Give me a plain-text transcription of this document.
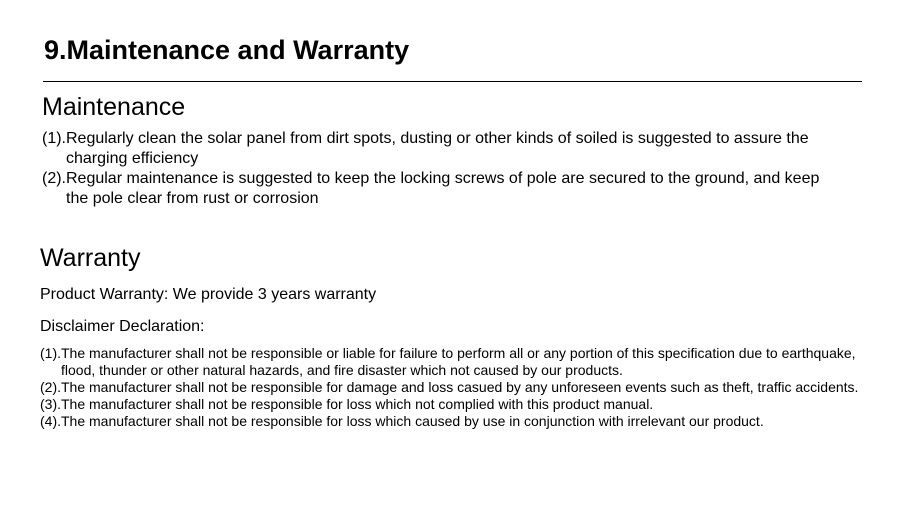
9.Maintenance and Warranty
Maintenance
(1).Regularly clean the solar panel from dirt spots, dusting or other kinds of soiled is suggested to assure the charging efficiency
(2).Regular maintenance is suggested to keep the locking screws of pole are secured to the ground, and keep the pole clear from rust or corrosion
Warranty
Product Warranty: We provide 3 years warranty
Disclaimer Declaration:
(1).The manufacturer shall not be responsible or liable for failure to perform all or any portion of this specification due to earthquake, flood, thunder or other natural hazards, and fire disaster which not caused by our products.
(2).The manufacturer shall not be responsible for damage and loss casued by any unforeseen events such as theft, traffic accidents.
(3).The manufacturer shall not be responsible for loss which not complied with this product manual.
(4).The manufacturer shall not be responsible for loss which caused by use in conjunction with irrelevant our product.
